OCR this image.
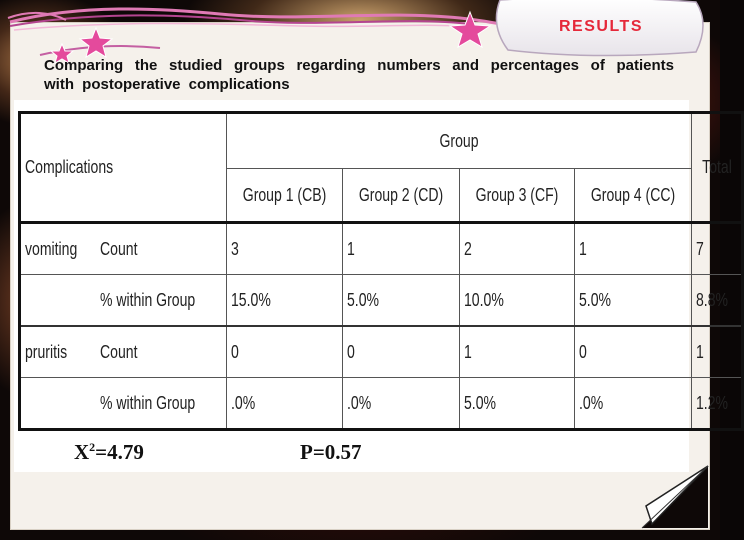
RESULTS
Comparing the studied groups regarding numbers and percentages of patients with postoperative complications
Complications		Group				Total
		Group 1 (CB)	Group 2 (CD)	Group 3 (CF)	Group 4 (CC)	
vomiting	Count	3	1	2	1	7
	% within Group	15.0%	5.0%	10.0%	5.0%	8.8%
pruritis	Count	0	0	1	0	1
	% within Group	.0%	.0%	5.0%	.0%	1.2%
$X^2=4.79$	P=0.57
